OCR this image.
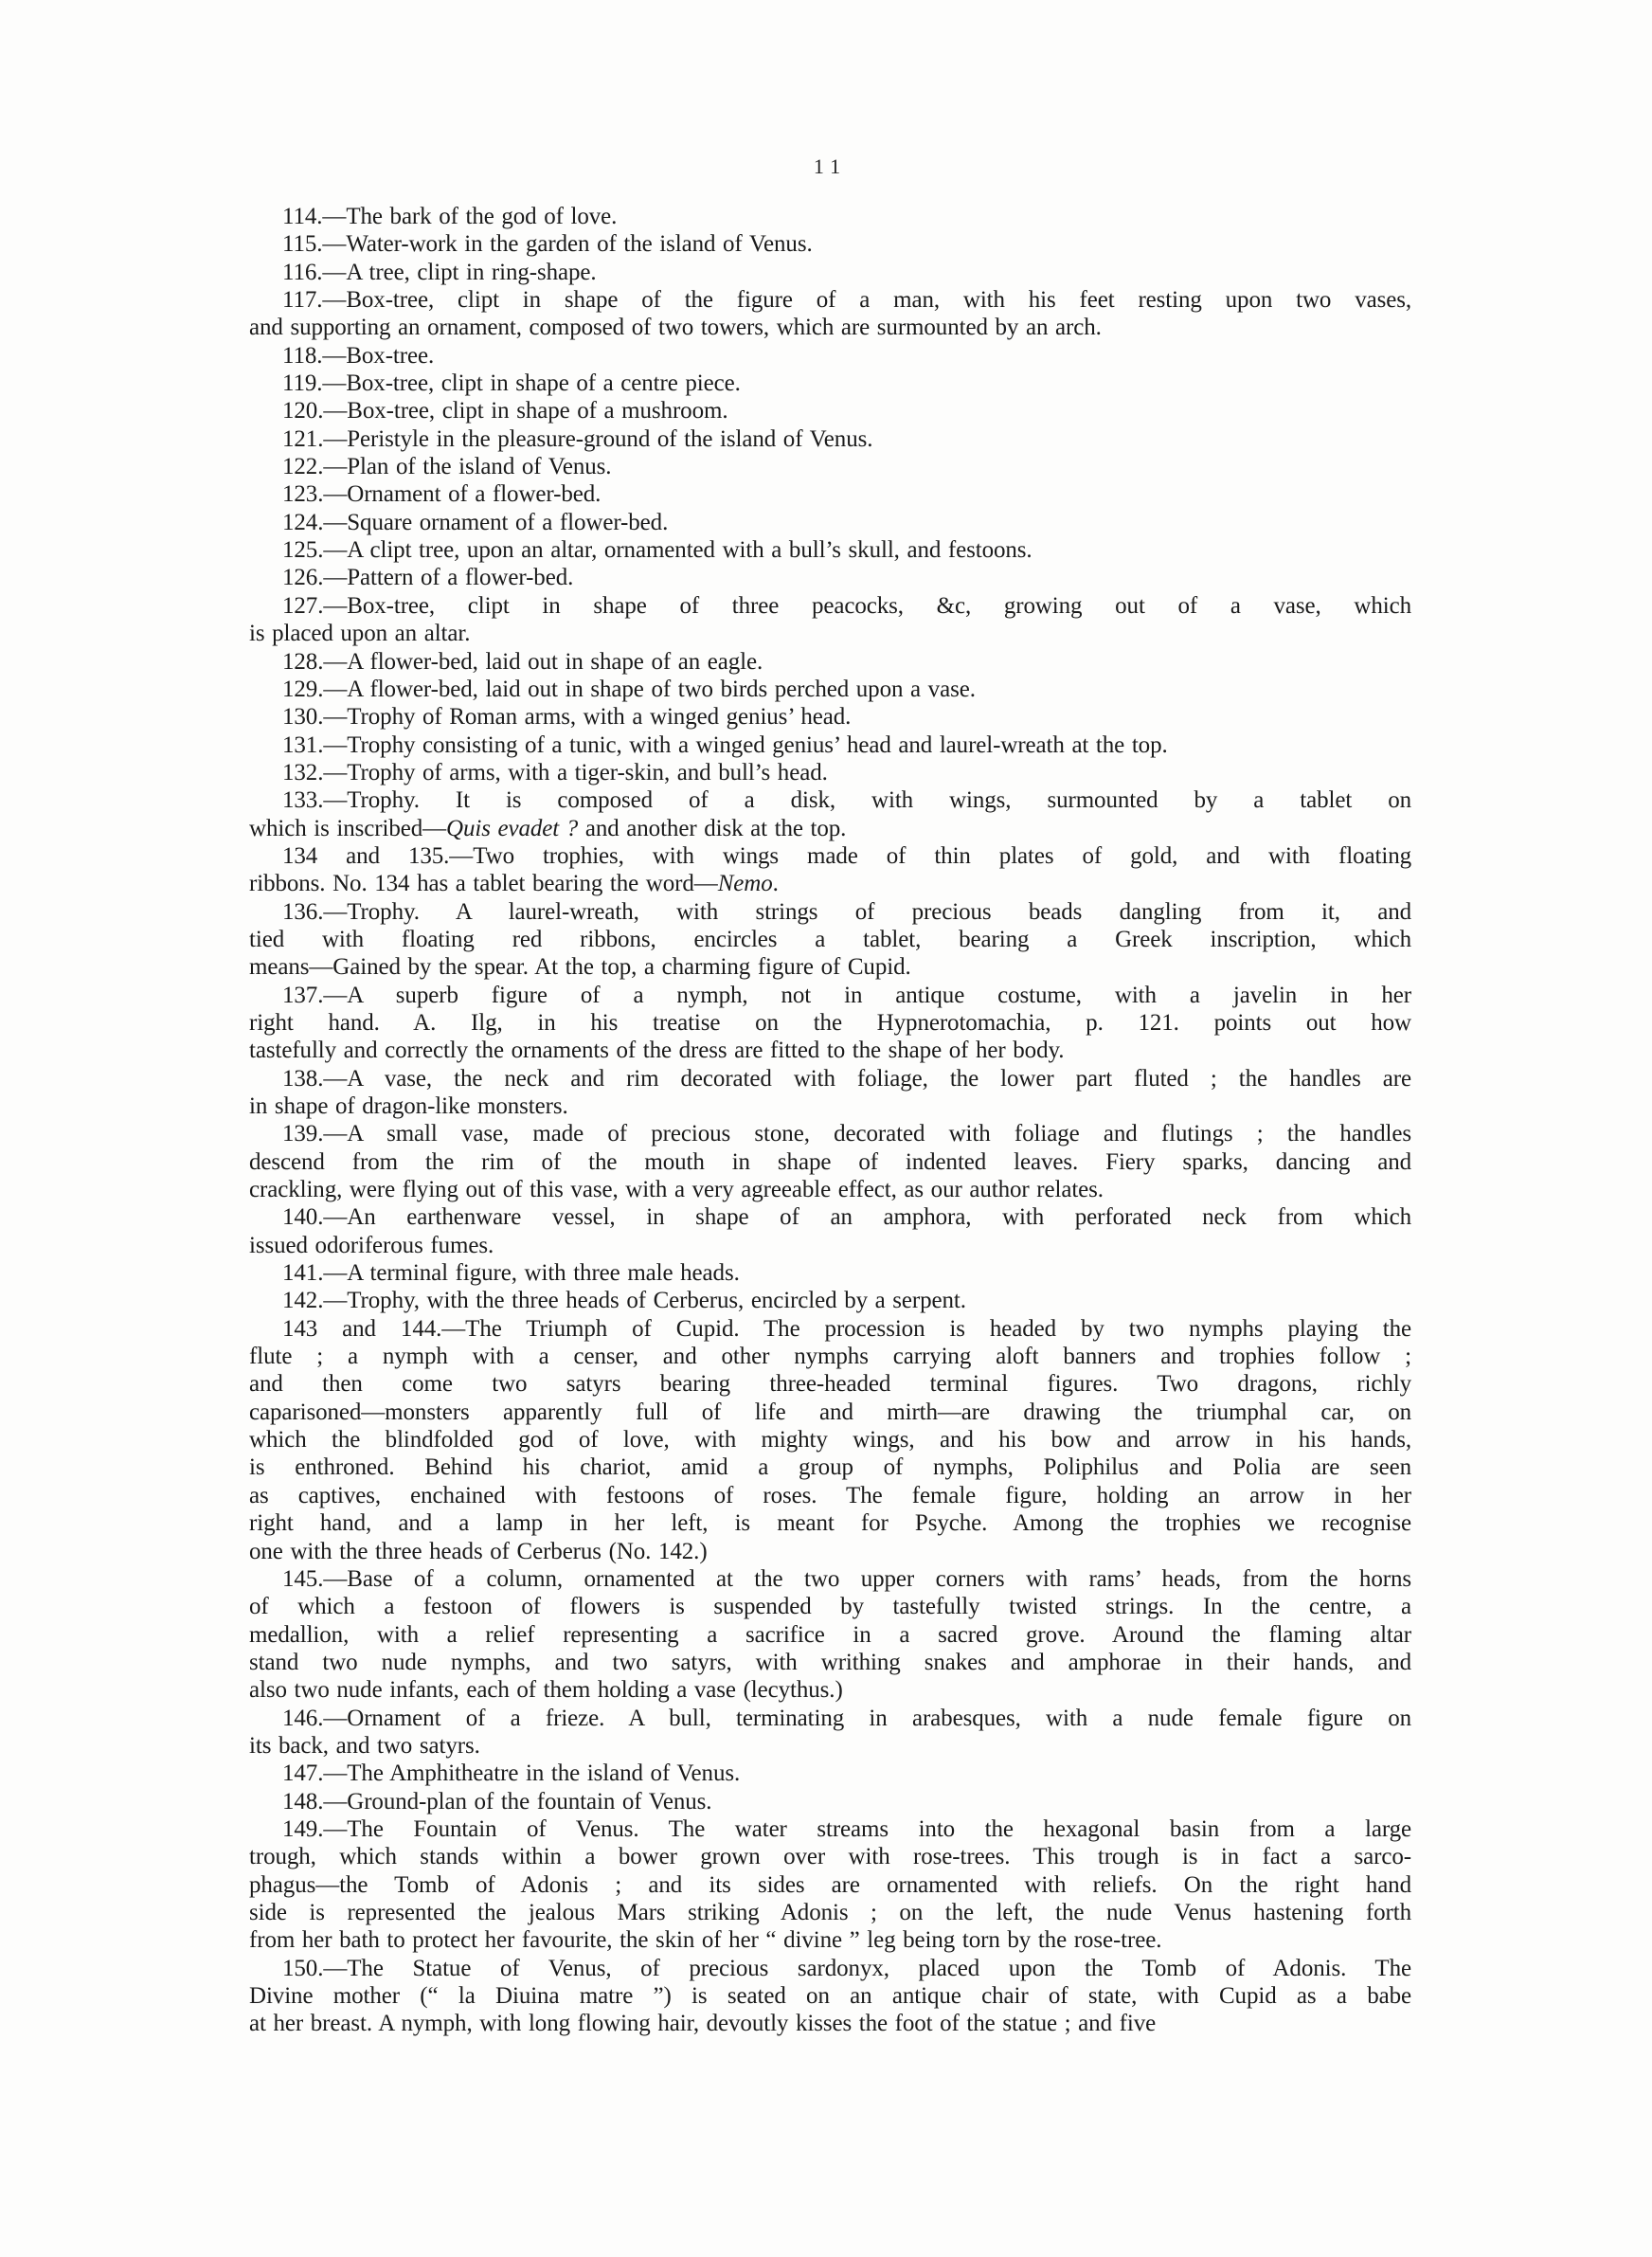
11
114.—The bark of the god of love.
115.—Water-work in the garden of the island of Venus.
116.—A tree, clipt in ring-shape.
117.—Box-tree, clipt in shape of the figure of a man, with his feet resting upon two vases,
and supporting an ornament, composed of two towers, which are surmounted by an arch.
118.—Box-tree.
119.—Box-tree, clipt in shape of a centre piece.
120.—Box-tree, clipt in shape of a mushroom.
121.—Peristyle in the pleasure-ground of the island of Venus.
122.—Plan of the island of Venus.
123.—Ornament of a flower-bed.
124.—Square ornament of a flower-bed.
125.—A clipt tree, upon an altar, ornamented with a bull’s skull, and festoons.
126.—Pattern of a flower-bed.
127.—Box-tree, clipt in shape of three peacocks, &c, growing out of a vase, which
is placed upon an altar.
128.—A flower-bed, laid out in shape of an eagle.
129.—A flower-bed, laid out in shape of two birds perched upon a vase.
130.—Trophy of Roman arms, with a winged genius’ head.
131.—Trophy consisting of a tunic, with a winged genius’ head and laurel-wreath at the top.
132.—Trophy of arms, with a tiger-skin, and bull’s head.
133.—Trophy. It is composed of a disk, with wings, surmounted by a tablet on
which is inscribed—Quis evadet ? and another disk at the top.
134 and 135.—Two trophies, with wings made of thin plates of gold, and with floating
ribbons. No. 134 has a tablet bearing the word—Nemo.
136.—Trophy. A laurel-wreath, with strings of precious beads dangling from it, and
tied with floating red ribbons, encircles a tablet, bearing a Greek inscription, which
means—Gained by the spear. At the top, a charming figure of Cupid.
137.—A superb figure of a nymph, not in antique costume, with a javelin in her
right hand. A. Ilg, in his treatise on the Hypnerotomachia, p. 121. points out how
tastefully and correctly the ornaments of the dress are fitted to the shape of her body.
138.—A vase, the neck and rim decorated with foliage, the lower part fluted ; the handles are
in shape of dragon-like monsters.
139.—A small vase, made of precious stone, decorated with foliage and flutings ; the handles
descend from the rim of the mouth in shape of indented leaves. Fiery sparks, dancing and
crackling, were flying out of this vase, with a very agreeable effect, as our author relates.
140.—An earthenware vessel, in shape of an amphora, with perforated neck from which
issued odoriferous fumes.
141.—A terminal figure, with three male heads.
142.—Trophy, with the three heads of Cerberus, encircled by a serpent.
143 and 144.—The Triumph of Cupid. The procession is headed by two nymphs playing the
flute ; a nymph with a censer, and other nymphs carrying aloft banners and trophies follow ;
and then come two satyrs bearing three-headed terminal figures. Two dragons, richly
caparisoned—monsters apparently full of life and mirth—are drawing the triumphal car, on
which the blindfolded god of love, with mighty wings, and his bow and arrow in his hands,
is enthroned. Behind his chariot, amid a group of nymphs, Poliphilus and Polia are seen
as captives, enchained with festoons of roses. The female figure, holding an arrow in her
right hand, and a lamp in her left, is meant for Psyche. Among the trophies we recognise
one with the three heads of Cerberus (No. 142.)
145.—Base of a column, ornamented at the two upper corners with rams’ heads, from the horns
of which a festoon of flowers is suspended by tastefully twisted strings. In the centre, a
medallion, with a relief representing a sacrifice in a sacred grove. Around the flaming altar
stand two nude nymphs, and two satyrs, with writhing snakes and amphorae in their hands, and
also two nude infants, each of them holding a vase (lecythus.)
146.—Ornament of a frieze. A bull, terminating in arabesques, with a nude female figure on
its back, and two satyrs.
147.—The Amphitheatre in the island of Venus.
148.—Ground-plan of the fountain of Venus.
149.—The Fountain of Venus. The water streams into the hexagonal basin from a large
trough, which stands within a bower grown over with rose-trees. This trough is in fact a sarco-
phagus—the Tomb of Adonis ; and its sides are ornamented with reliefs. On the right hand
side is represented the jealous Mars striking Adonis ; on the left, the nude Venus hastening forth
from her bath to protect her favourite, the skin of her “ divine ” leg being torn by the rose-tree.
150.—The Statue of Venus, of precious sardonyx, placed upon the Tomb of Adonis. The
Divine mother (“ la Diuina matre ”) is seated on an antique chair of state, with Cupid as a babe
at her breast. A nymph, with long flowing hair, devoutly kisses the foot of the statue ; and five
